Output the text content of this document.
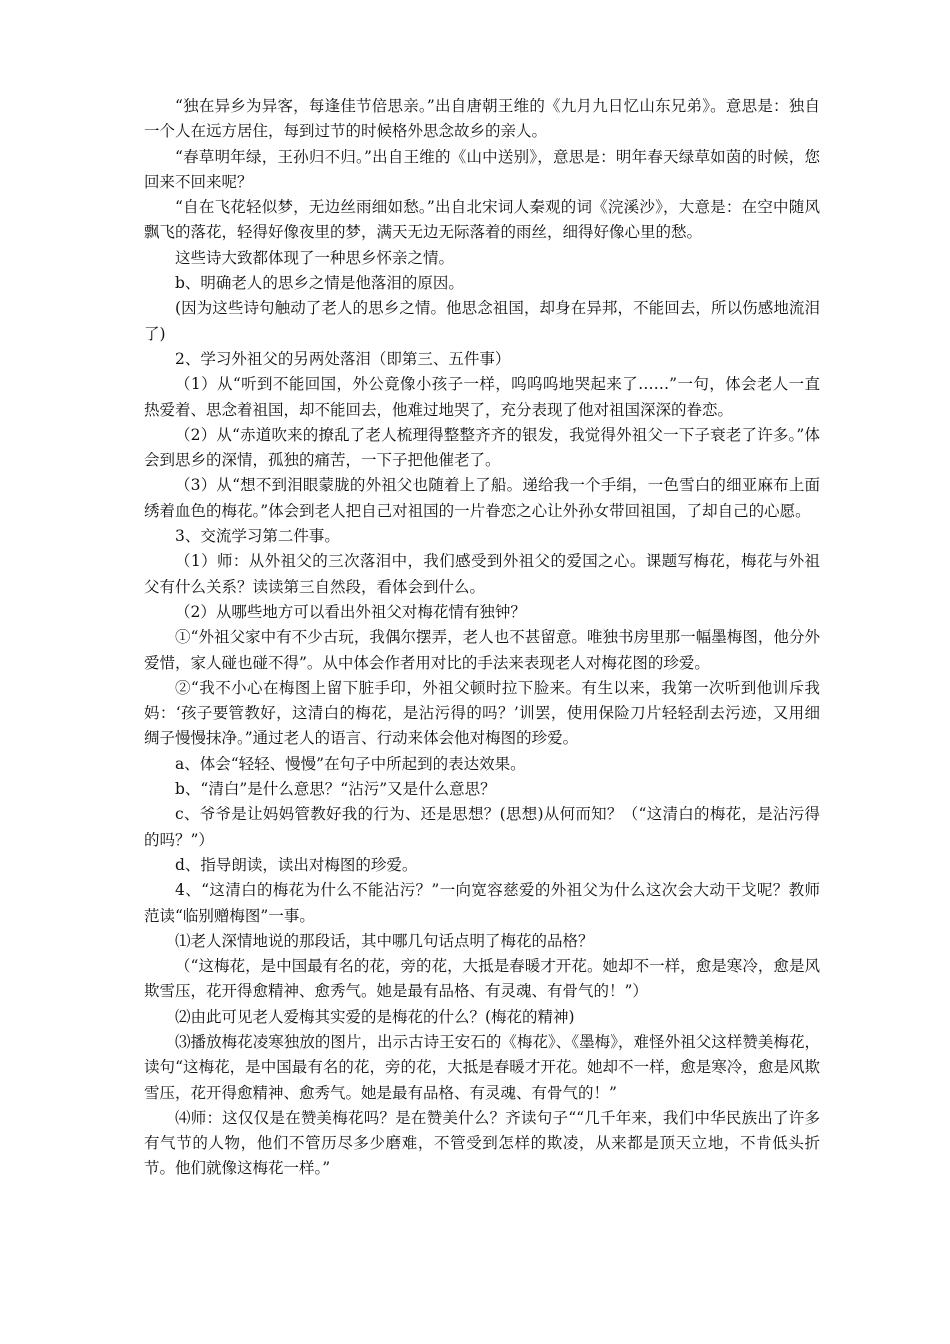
“独在异乡为异客，每逢佳节倍思亲。”出自唐朝王维的《九月九日忆山东兄弟》。意思是：独自一个人在远方居住，每到过节的时候格外思念故乡的亲人。

“春草明年绿，王孙归不归。”出自王维的《山中送别》，意思是：明年春天绿草如茵的时候，您回来不回来呢？

“自在飞花轻似梦，无边丝雨细如愁。”出自北宋词人秦观的词《浣溪沙》，大意是：在空中随风飘飞的落花，轻得好像夜里的梦，满天无边无际落着的雨丝，细得好像心里的愁。

这些诗大致都体现了一种思乡怀亲之情。

b、明确老人的思乡之情是他落泪的原因。

(因为这些诗句触动了老人的思乡之情。他思念祖国，却身在异邦，不能回去，所以伤感地流泪了)

2、学习外祖父的另两处落泪（即第三、五件事）

（1）从“听到不能回国，外公竟像小孩子一样，呜呜呜地哭起来了……”一句，体会老人一直热爱着、思念着祖国，却不能回去，他难过地哭了，充分表现了他对祖国深深的眷恋。

（2）从“赤道吹来的撩乱了老人梳理得整整齐齐的银发，我觉得外祖父一下子衰老了许多。”体会到思乡的深情，孤独的痛苦，一下子把他催老了。

（3）从“想不到泪眼蒙胧的外祖父也随着上了船。递给我一个手绢，一色雪白的细亚麻布上面绣着血色的梅花。”体会到老人把自己对祖国的一片眷恋之心让外孙女带回祖国，了却自己的心愿。

3、交流学习第二件事。

（1）师：从外祖父的三次落泪中，我们感受到外祖父的爱国之心。课题写梅花，梅花与外祖父有什么关系？读读第三自然段，看体会到什么。

（2）从哪些地方可以看出外祖父对梅花情有独钟？

①“外祖父家中有不少古玩，我偶尔摆弄，老人也不甚留意。唯独书房里那一幅墨梅图，他分外爱惜，家人碰也碰不得”。从中体会作者用对比的手法来表现老人对梅花图的珍爱。

②“我不小心在梅图上留下脏手印，外祖父顿时拉下脸来。有生以来，我第一次听到他训斥我妈：‘孩子要管教好，这清白的梅花，是沾污得的吗？’训罢，使用保险刀片轻轻刮去污迹，又用细绸子慢慢抹净。”通过老人的语言、行动来体会他对梅图的珍爱。

a、体会“轻轻、慢慢”在句子中所起到的表达效果。

b、“清白”是什么意思？“沾污”又是什么意思？

c、爷爷是让妈妈管教好我的行为、还是思想？(思想)从何而知？（“这清白的梅花，是沾污得的吗？”）

d、指导朗读，读出对梅图的珍爱。

4、“这清白的梅花为什么不能沾污？”一向宽容慈爱的外祖父为什么这次会大动干戈呢？教师范读“临别赠梅图”一事。

⑴老人深情地说的那段话，其中哪几句话点明了梅花的品格？

（“这梅花，是中国最有名的花，旁的花，大抵是春暖才开花。她却不一样，愈是寒冷，愈是风欺雪压，花开得愈精神、愈秀气。她是最有品格、有灵魂、有骨气的！”）

⑵由此可见老人爱梅其实爱的是梅花的什么？(梅花的精神)

⑶播放梅花凌寒独放的图片，出示古诗王安石的《梅花》、《墨梅》，难怪外祖父这样赞美梅花，读句“这梅花，是中国最有名的花，旁的花，大抵是春暖才开花。她却不一样，愈是寒冷，愈是风欺雪压，花开得愈精神、愈秀气。她是最有品格、有灵魂、有骨气的！”

⑷师：这仅仅是在赞美梅花吗？是在赞美什么？齐读句子““几千年来，我们中华民族出了许多有气节的人物，他们不管历尽多少磨难，不管受到怎样的欺凌，从来都是顶天立地，不肯低头折节。他们就像这梅花一样。”
